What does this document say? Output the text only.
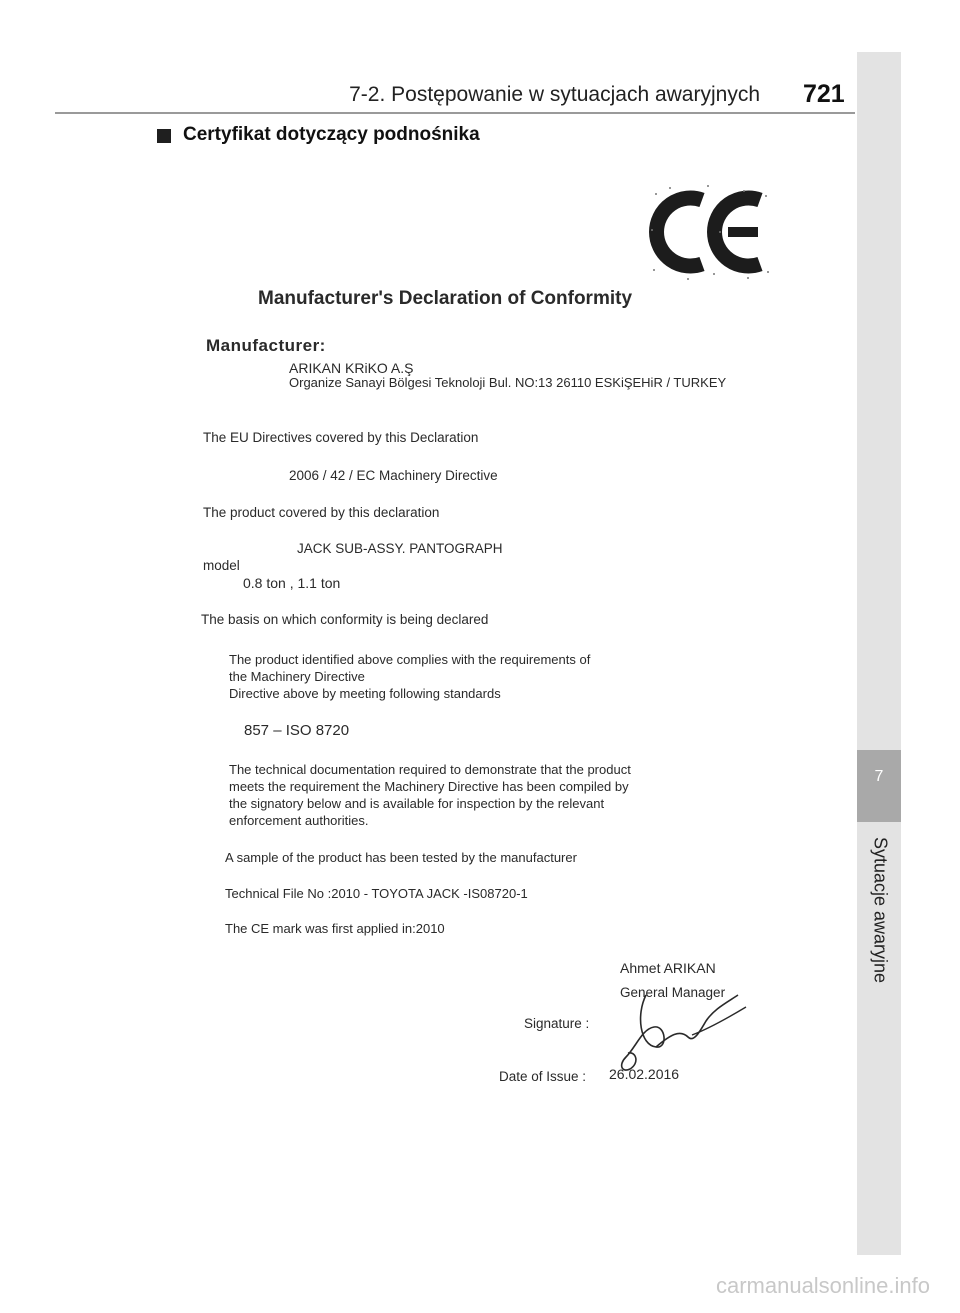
7-2. Postępowanie w sytuacjach awaryjnych 721
7
Sytuacje awaryjne
Certyfikat dotyczący podnośnika
Manufacturer's Declaration of Conformity
Manufacturer:
ARIKAN KRiKO A.Ş
Organize Sanayi Bölgesi Teknoloji Bul. NO:13 26110 ESKiŞEHiR / TURKEY
The EU Directives covered by this Declaration
2006 / 42 / EC Machinery Directive
The product covered by this declaration
JACK SUB-ASSY. PANTOGRAPH
model
0.8 ton , 1.1 ton
The basis on which conformity is being declared
The product identified above complies with the requirements of
the Machinery Directive
Directive above by meeting following standards
857 – ISO 8720
The technical documentation required to demonstrate that the product
meets the requirement the Machinery Directive has been compiled by
the signatory below and is available for inspection by the relevant
enforcement authorities.
A sample of the product has been tested by the manufacturer
Technical File No :2010 - TOYOTA JACK -IS08720-1
The CE mark was first applied in:2010
Ahmet ARIKAN
General Manager
Signature :
Date of Issue : 26.02.2016
carmanualsonline.info
